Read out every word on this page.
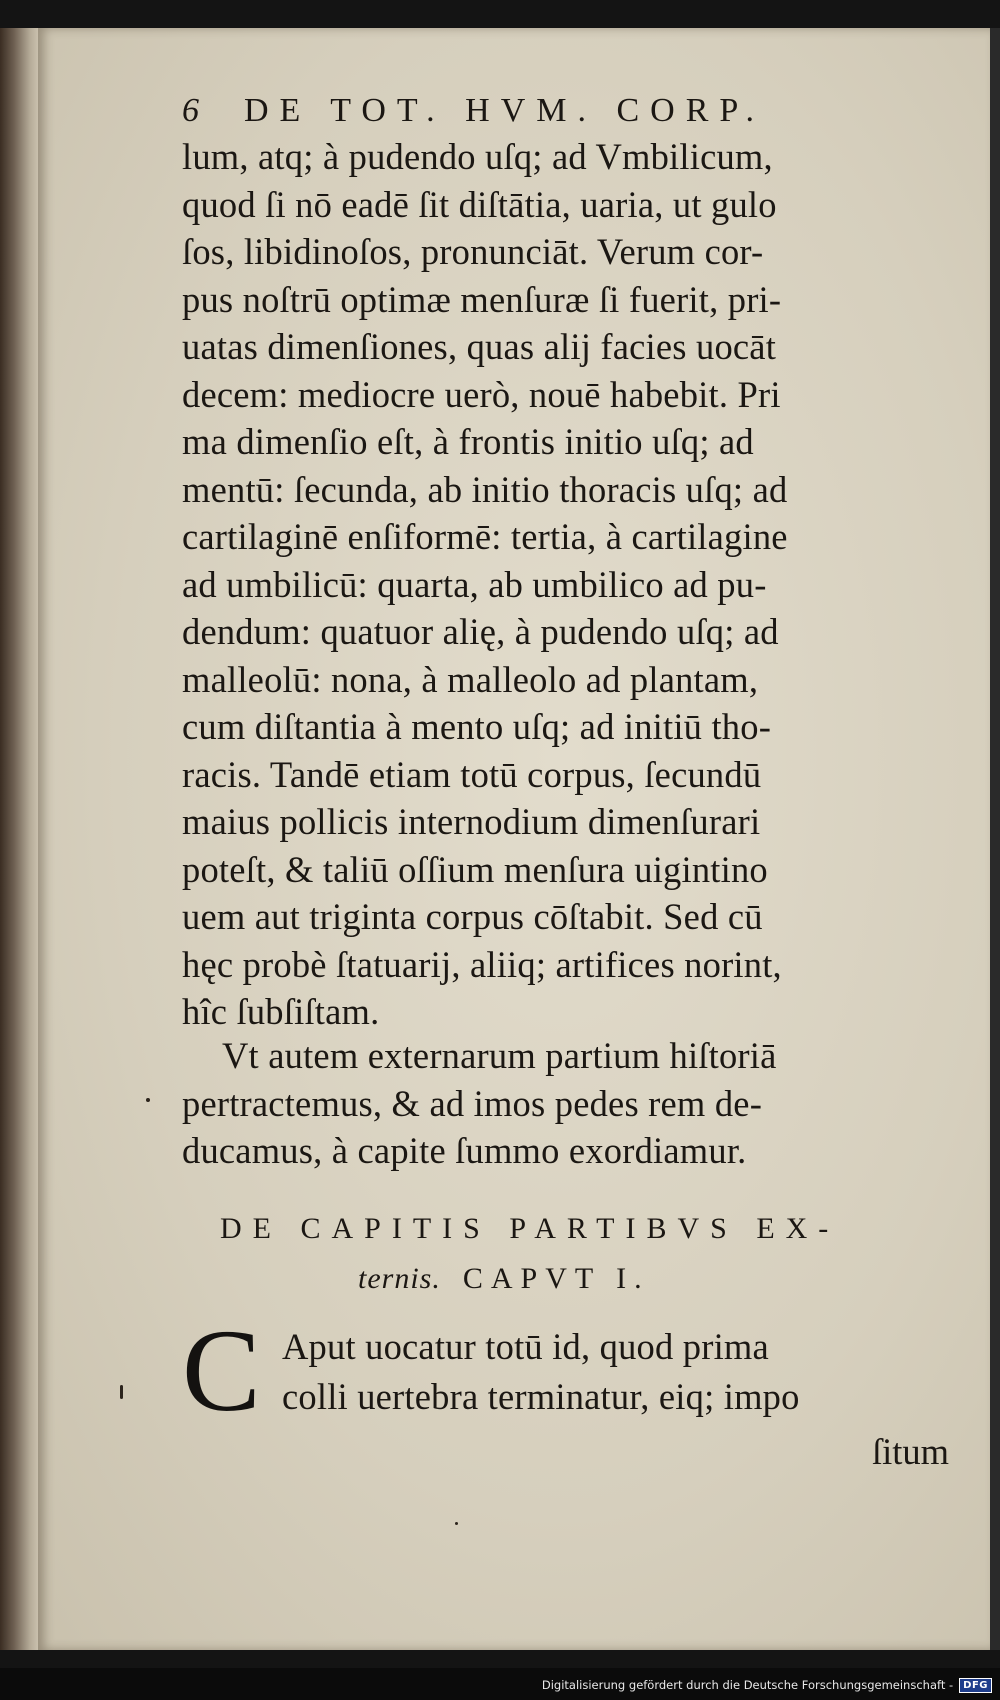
6 DE TOT. HVM. CORP.
lum, atq; à pudendo uſq; ad Vmbilicum,
quod ſi nō eadē ſit diſtātia, uaria, ut gulo
ſos, libidinoſos, pronunciāt. Verum cor-
pus noſtrū optimæ menſuræ ſi fuerit, pri-
uatas dimenſiones, quas alij facies uocāt
decem: mediocre uerò, nouē habebit. Pri
ma dimenſio eſt, à frontis initio uſq; ad
mentū: ſecunda, ab initio thoracis uſq; ad
cartilaginē enſiformē: tertia, à cartilagine
ad umbilicū: quarta, ab umbilico ad pu-
dendum: quatuor alię, à pudendo uſq; ad
malleolū: nona, à malleolo ad plantam,
cum diſtantia à mento uſq; ad initiū tho-
racis. Tandē etiam totū corpus, ſecundū
maius pollicis internodium dimenſurari
poteſt, & taliū oſſium menſura uigintino
uem aut triginta corpus cōſtabit. Sed cū
hęc probè ſtatuarij, aliiq; artifices norint,
hîc ſubſiſtam.
Vt autem externarum partium hiſtoriā
pertractemus, & ad imos pedes rem de-
ducamus, à capite ſummo exordiamur.
DE CAPITIS PARTIBVS EX-
ternis. CAPVT I.
C Aput uocatur totū id, quod prima
colli uertebra terminatur, eiq; impo
ſitum
Digitalisierung gefördert durch die Deutsche Forschungsgemeinschaft -	DFG
